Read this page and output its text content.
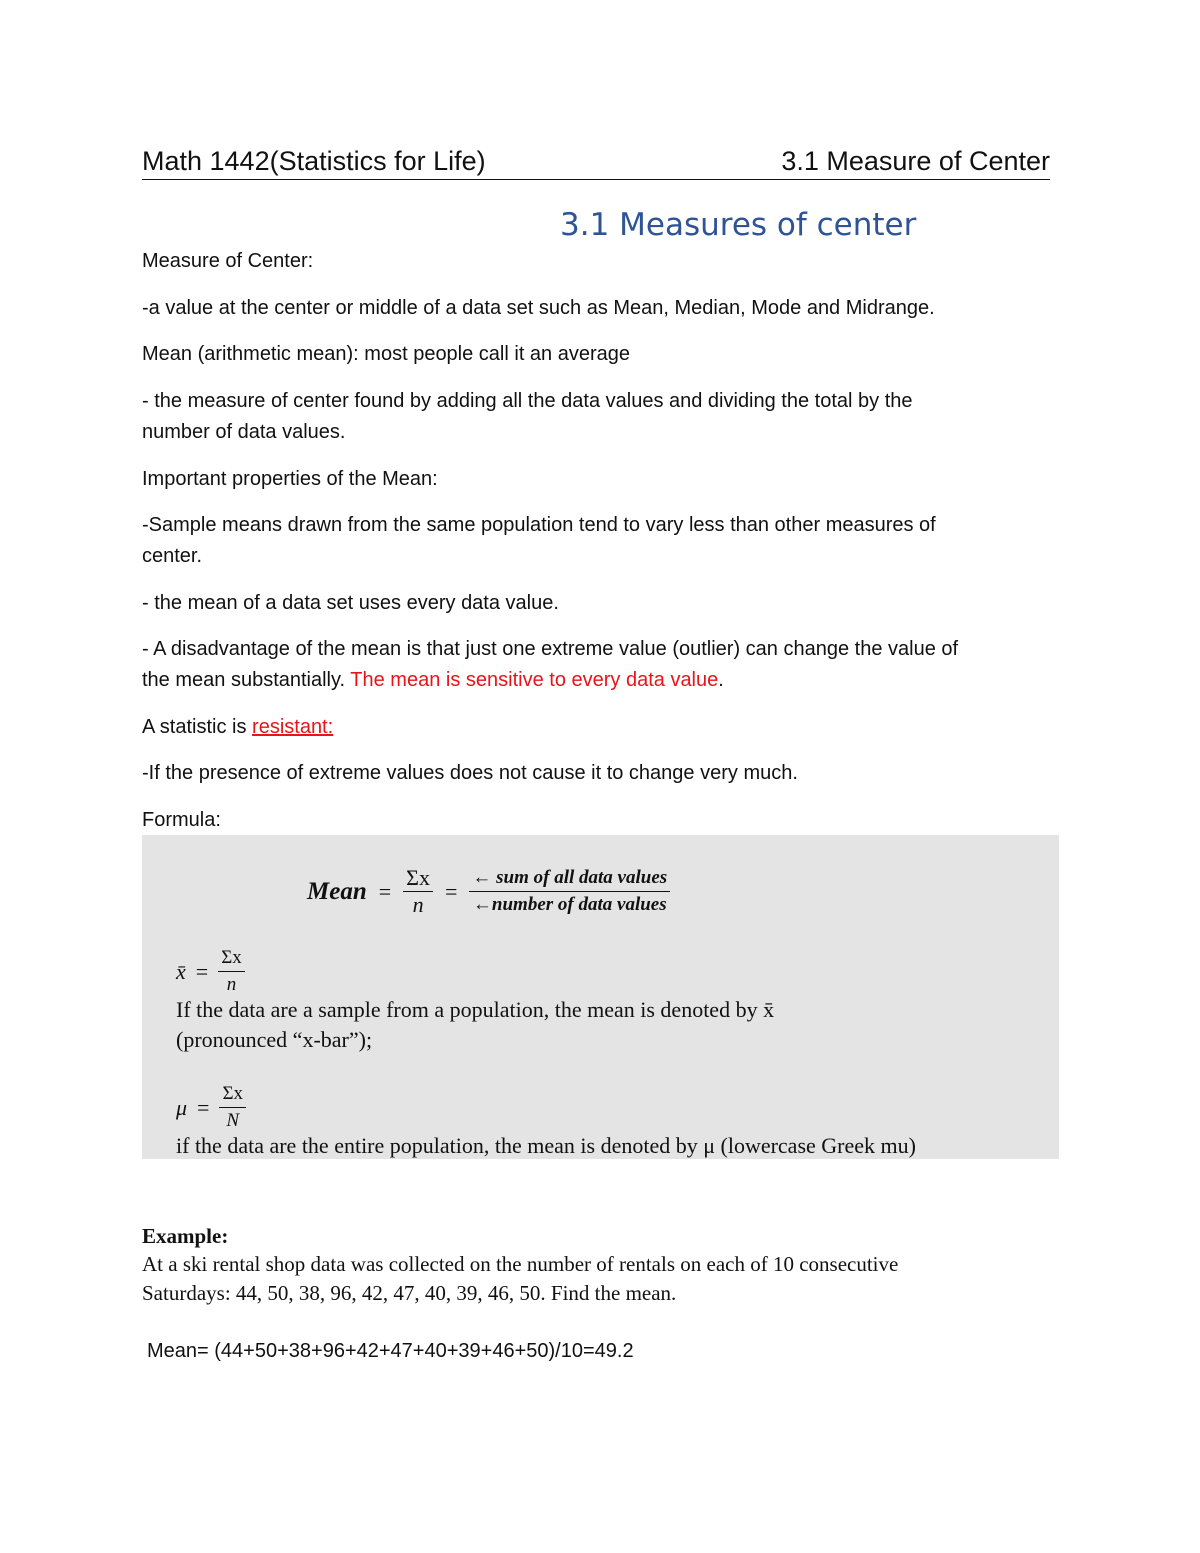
Math 1442(Statistics for Life)	3.1 Measure of Center
3.1 Measures of center
Measure of Center:
-a value at the center or middle of a data set such as Mean, Median, Mode and Midrange.
Mean (arithmetic mean): most people call it an average
- the measure of center found by adding all the data values and dividing the total by the
number of data values.
Important properties of the Mean:
-Sample means drawn from the same population tend to vary less than other measures of
center.
- the mean of a data set uses every data value.
- A disadvantage of the mean is that just one extreme value (outlier) can change the value of
the mean substantially. The mean is sensitive to every data value.
A statistic is resistant:
-If the presence of extreme values does not cause it to change very much.
Formula:
Mean = $\frac{\Sigma x}{n} = \frac{\text{← sum of all data values}}{\text{←number of data values}}$
x̄ = $\frac{\Sigma x}{n}$
If the data are a sample from a population, the mean is denoted by x̄
(pronounced “x-bar”);
$\mu = \frac{\Sigma x}{N}$
if the data are the entire population, the mean is denoted by μ (lowercase Greek mu)
Example:
At a ski rental shop data was collected on the number of rentals on each of 10 consecutive
Saturdays: 44, 50, 38, 96, 42, 47, 40, 39, 46, 50. Find the mean.
Mean= (44+50+38+96+42+47+40+39+46+50)/10=49.2
